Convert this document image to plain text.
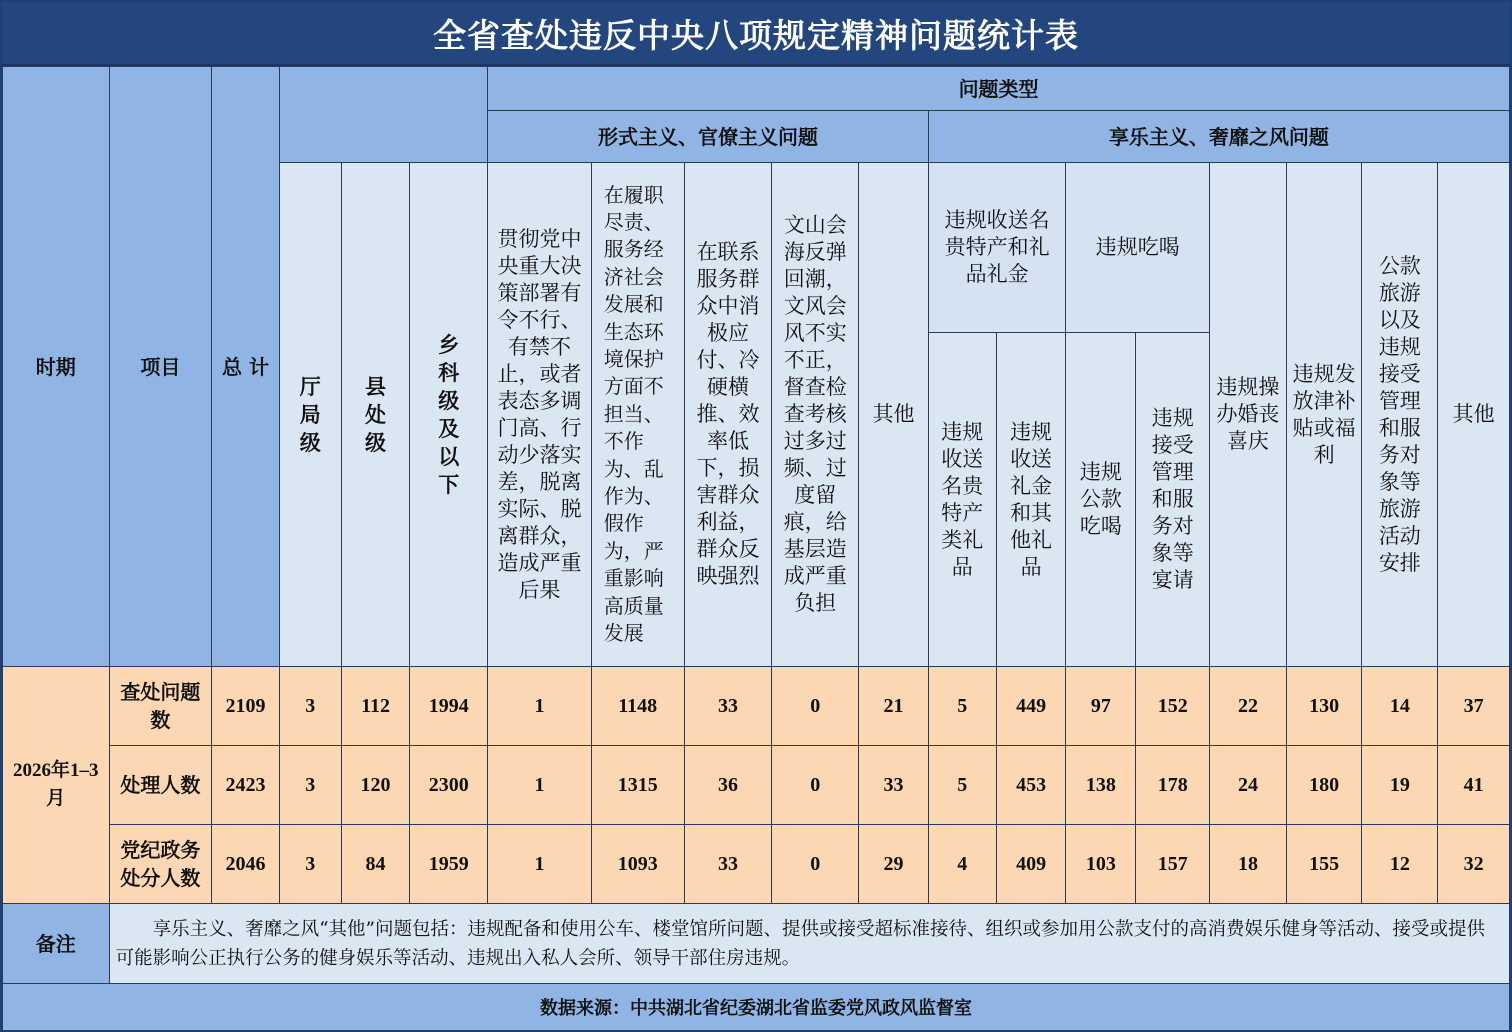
全省查处违反中央八项规定精神问题统计表
时期	项目	总 计				问题类型												
						形式主义、官僚主义问题					享乐主义、奢靡之风问题							
			厅局级	县处级	乡科级及以下	贯彻党中央重大决策部署有令不行、有禁不止，或者表态多调门高、行动少落实差，脱离实际、脱离群众，造成严重后果	在履职尽责、服务经济社会发展和生态环境保护方面不担当、不作为、乱作为、假作为，严重影响高质量发展	在联系服务群众中消极应付、冷硬横推、效率低下，损害群众利益，群众反映强烈	文山会海反弹回潮，文风会风不实不正，督查检查考核过多过频、过度留痕，给基层造成严重负担	其他	违规收送名贵特产和礼品礼金		违规吃喝		违规操办婚丧喜庆	违规发放津补贴或福利	公款旅游以及违规接受管理和服务对象等旅游活动安排	其他
											违规收送名贵特产类礼品	违规收送礼金和其他礼品	违规公款吃喝	违规接受管理和服务对象等宴请				
2026年1–3月	查处问题数	2109	3	112	1994	1	1148	33	0	21	5	449	97	152	22	130	14	37
	处理人数	2423	3	120	2300	1	1315	36	0	33	5	453	138	178	24	180	19	41
	党纪政务处分人数	2046	3	84	1959	1	1093	33	0	29	4	409	103	157	18	155	12	32
备注	享乐主义、奢靡之风“其他”问题包括：违规配备和使用公车、楼堂馆所问题、提供或接受超标准接待、组织或参加用公款支付的高消费娱乐健身等活动、接受或提供可能影响公正执行公务的健身娱乐等活动、违规出入私人会所、领导干部住房违规。																	
数据来源：中共湖北省纪委湖北省监委党风政风监督室																		
